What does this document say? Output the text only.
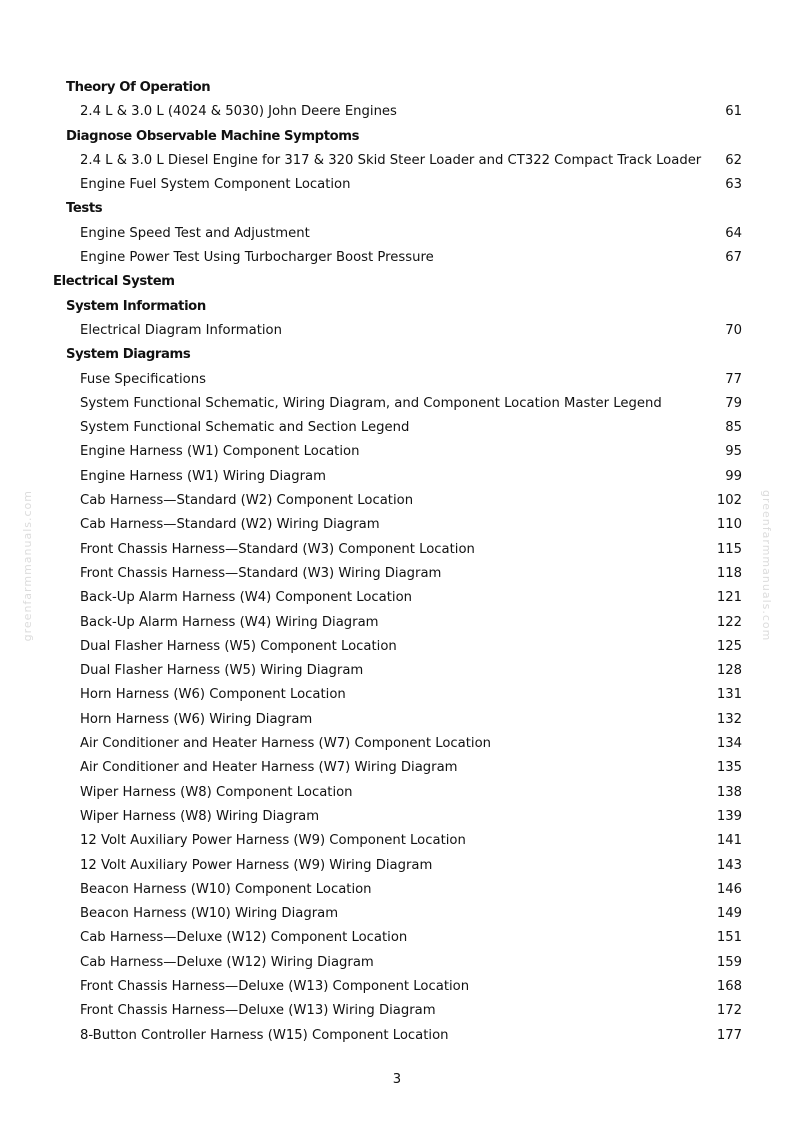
Theory Of Operation
2.4 L & 3.0 L (4024 & 5030) John Deere Engines	61
Diagnose Observable Machine Symptoms
2.4 L & 3.0 L Diesel Engine for 317 & 320 Skid Steer Loader and CT322 Compact Track Loader 62
Engine Fuel System Component Location	63
Tests
Engine Speed Test and Adjustment	64
Engine Power Test Using Turbocharger Boost Pressure	67
Electrical System
System Information
Electrical Diagram Information	70
System Diagrams
Fuse Specifications	77
System Functional Schematic, Wiring Diagram, and Component Location Master Legend	79
System Functional Schematic and Section Legend	85
Engine Harness (W1) Component Location	95
Engine Harness (W1) Wiring Diagram	99
Cab Harness—Standard (W2) Component Location	102
Cab Harness—Standard (W2) Wiring Diagram	110
Front Chassis Harness—Standard (W3) Component Location	115
Front Chassis Harness—Standard (W3) Wiring Diagram	118
Back-Up Alarm Harness (W4) Component Location	121
Back-Up Alarm Harness (W4) Wiring Diagram	122
Dual Flasher Harness (W5) Component Location	125
Dual Flasher Harness (W5) Wiring Diagram	128
Horn Harness (W6) Component Location	131
Horn Harness (W6) Wiring Diagram	132
Air Conditioner and Heater Harness (W7) Component Location	134
Air Conditioner and Heater Harness (W7) Wiring Diagram	135
Wiper Harness (W8) Component Location	138
Wiper Harness (W8) Wiring Diagram	139
12 Volt Auxiliary Power Harness (W9) Component Location	141
12 Volt Auxiliary Power Harness (W9) Wiring Diagram	143
Beacon Harness (W10) Component Location	146
Beacon Harness (W10) Wiring Diagram	149
Cab Harness—Deluxe (W12) Component Location	151
Cab Harness—Deluxe (W12) Wiring Diagram	159
Front Chassis Harness—Deluxe (W13) Component Location	168
Front Chassis Harness—Deluxe (W13) Wiring Diagram	172
8-Button Controller Harness (W15) Component Location	177
greenfarmmanuals.com	greenfarmmanuals.com
3
